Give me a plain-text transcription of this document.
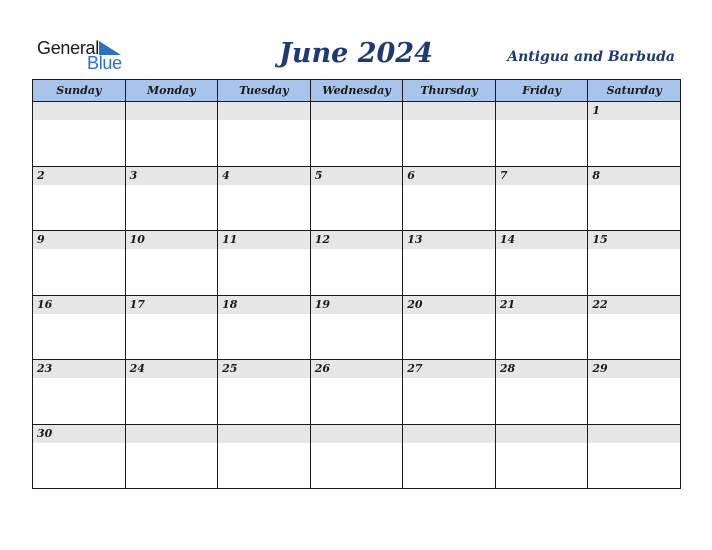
General
Blue	June 2024	Antigua and Barbuda
Sunday	Monday	Tuesday	Wednesday	Thursday	Friday	Saturday

						1

2	3	4	5	6	7	8

9	10	11	12	13	14	15

16	17	18	19	20	21	22

23	24	25	26	27	28	29

30						
